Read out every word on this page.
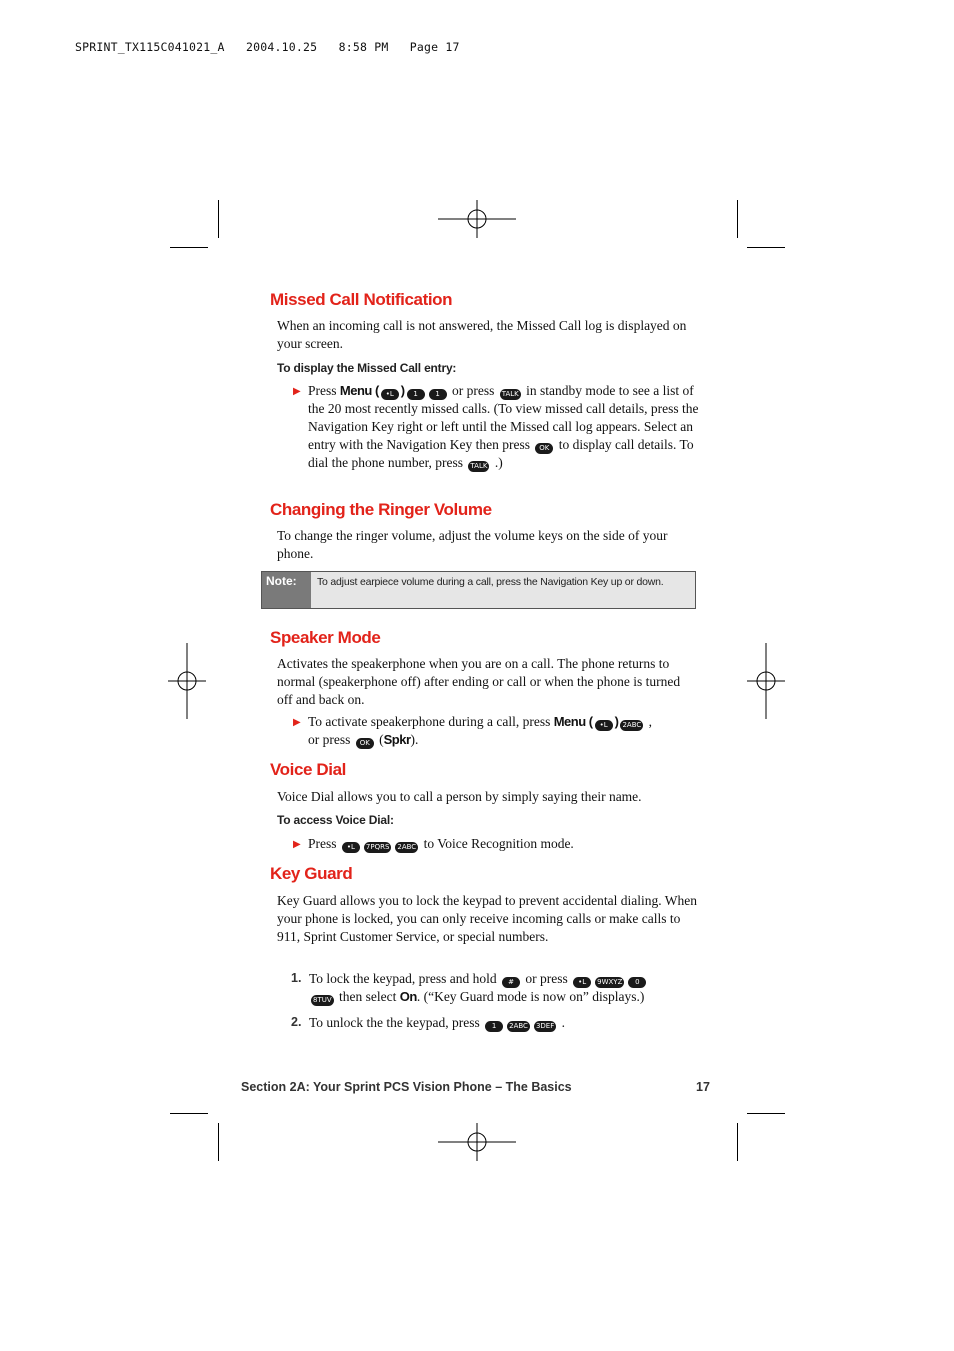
SPRINT_TX115C041021_A   2004.10.25   8:58 PM   Page 17
Missed Call Notification

When an incoming call is not answered, the Missed Call log is displayed on your screen.

To display the Missed Call entry:

▶ Press Menu ( •L ) 1	1 or press TALK in standby mode to see a list of the 20 most recently missed calls. (To view missed call details, press the Navigation Key right or left until the Missed call log appears. Select an entry with the Navigation Key then press OK to display call details. To dial the phone number, press TALK .)

Changing the Ringer Volume

To change the ringer volume, adjust the volume keys on the side of your phone.

Note:	To adjust earpiece volume during a call, press the Navigation Key up or down.
Speaker Mode

Activates the speakerphone when you are on a call. The phone returns to normal (speakerphone off) after ending or call or when the phone is turned off and back on.

▶ To activate speakerphone during a call, press Menu ( •L ) 2ABC ,
or press OK (Spkr).

Voice Dial

Voice Dial allows you to call a person by simply saying their name.

To access Voice Dial:

▶ Press •L 7PQRS 2ABC to Voice Recognition mode.

Key Guard

Key Guard allows you to lock the keypad to prevent accidental dialing. When your phone is locked, you can only receive incoming calls or make calls to 911, Sprint Customer Service, or special numbers.

1. To lock the keypad, press and hold # or press •L 9WXYZ 0
8TUV then select On. (“Key Guard mode is now on” displays.)

2. To unlock the the keypad, press 1 2ABC 3DEF .

Section 2A: Your Sprint PCS Vision Phone – The Basics	17
